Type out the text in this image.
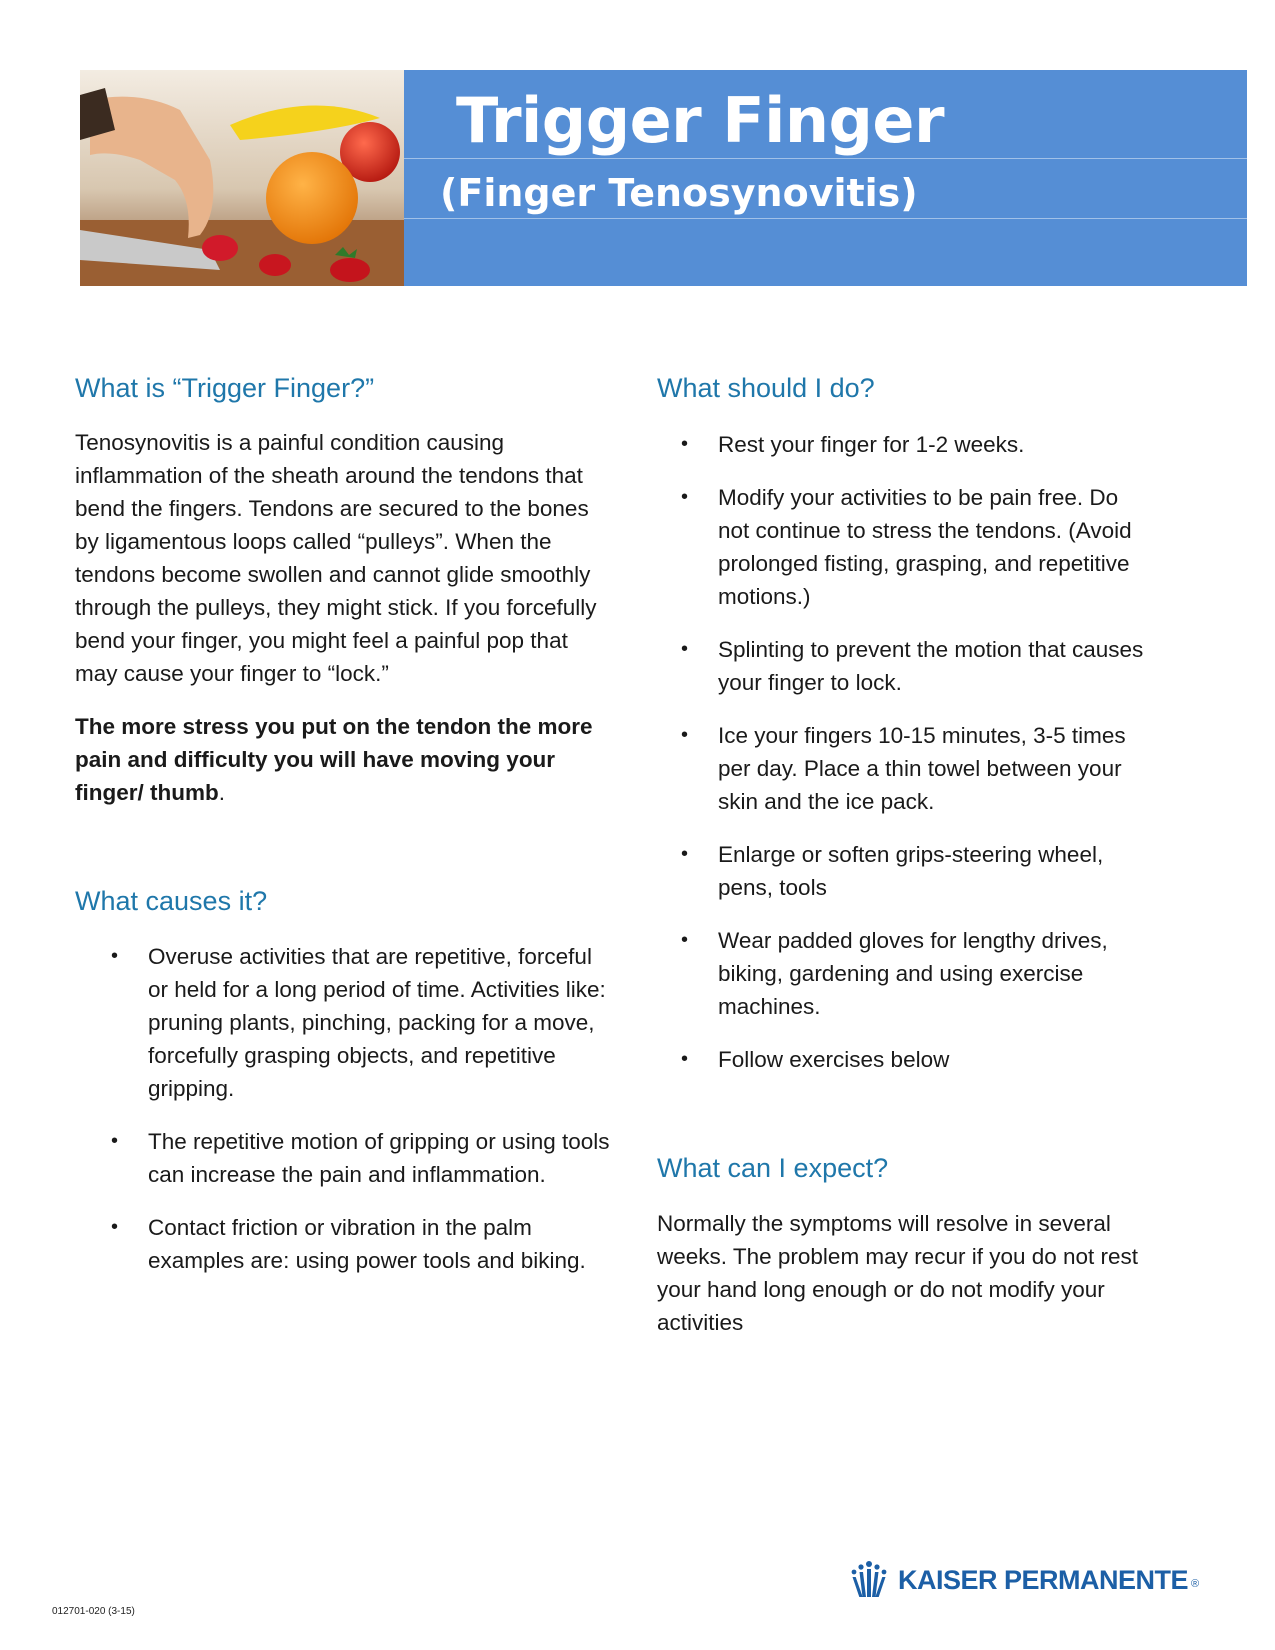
Trigger Finger
(Finger Tenosynovitis)
What is “Trigger Finger?”

Tenosynovitis is a painful condition causing inflammation of the sheath around the tendons that bend the fingers. Tendons are secured to the bones by ligamentous loops called “pulleys”. When the tendons become swollen and cannot glide smoothly through the pulleys, they might stick. If you forcefully bend your finger, you might feel a painful pop that may cause your finger to “lock.”

The more stress you put on the tendon the more pain and difficulty you will have moving your finger/ thumb.

What causes it?
• Overuse activities that are repetitive, forceful or held for a long period of time. Activities like: pruning plants, pinching, packing for a move, forcefully grasping objects, and repetitive gripping.
• The repetitive motion of gripping or using tools can increase the pain and inflammation.
• Contact friction or vibration in the palm examples are: using power tools and biking.
What should I do?
• Rest your finger for 1-2 weeks.
• Modify your activities to be pain free. Do not continue to stress the tendons. (Avoid prolonged fisting, grasping, and repetitive motions.)
• Splinting to prevent the motion that causes your finger to lock.
• Ice your fingers 10-15 minutes, 3-5 times per day. Place a thin towel between your skin and the ice pack.
• Enlarge or soften grips-steering wheel, pens, tools
• Wear padded gloves for lengthy drives, biking, gardening and using exercise machines.
• Follow exercises below
What can I expect?

Normally the symptoms will resolve in several weeks. The problem may recur if you do not rest your hand long enough or do not modify your activities

012701-020 (3-15)
KAISER PERMANENTE ®
